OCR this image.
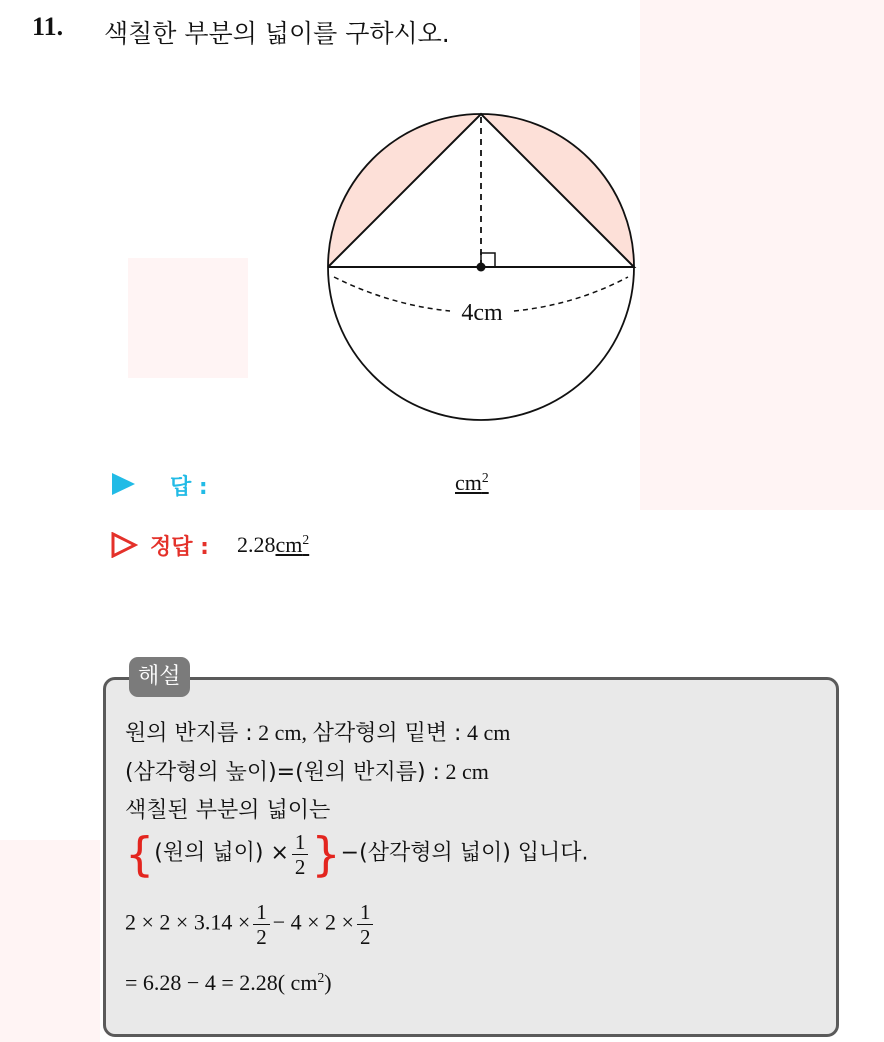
11. 색칠한 부분의 넓이를 구하시오.
4cm
답 :	$cm^2$
정답 : $2.28cm^2$
해설
원의 반지름 : 2 cm, 삼각형의 밑변 : 4 cm
(삼각형의 높이)=(원의 반지름) : 2 cm
색칠된 부분의 넓이는
{(원의 넓이) × $\frac{1}{2}$ }−(삼각형의 넓이) 입니다.
$2 \times 2 \times 3.14 \times \frac{1}{2} - 4 \times 2 \times \frac{1}{2}$
= 6.28 − 4 = 2.28( $cm^2$)
